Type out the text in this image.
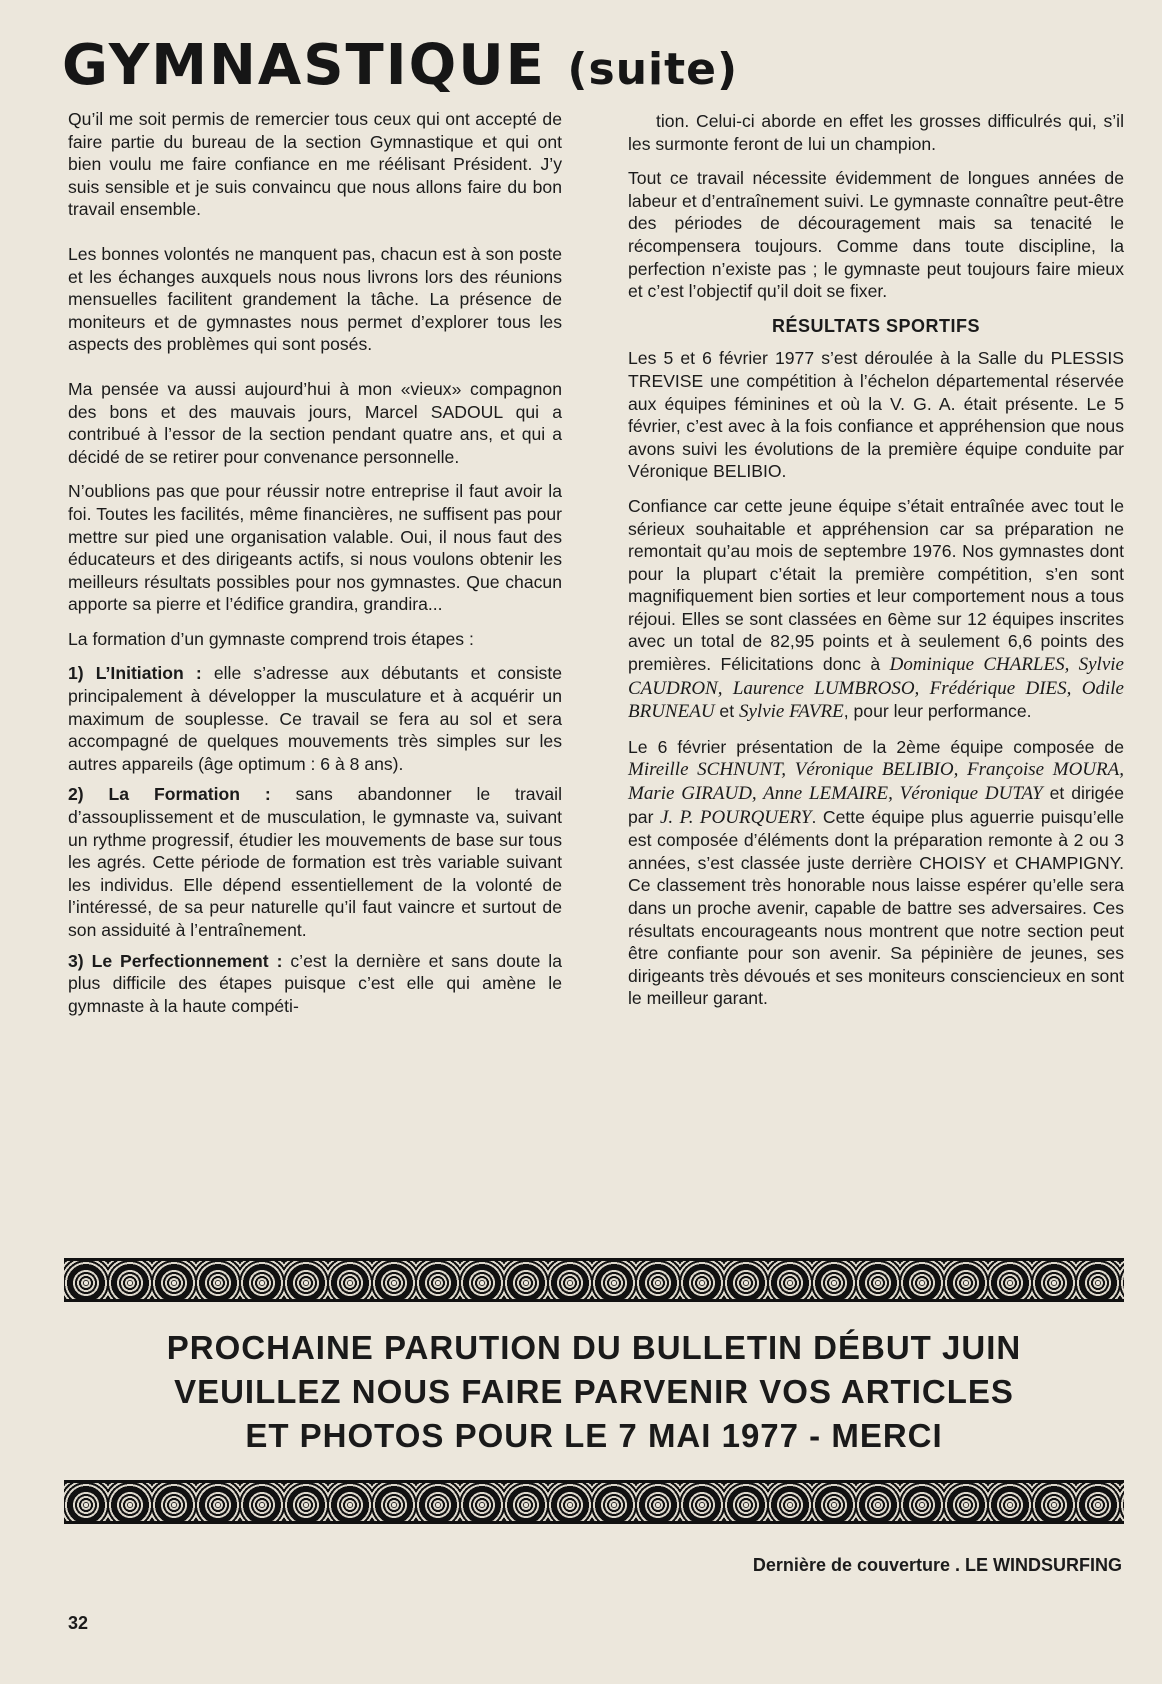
GYMNASTIQUE (suite)

Qu’il me soit permis de remercier tous ceux qui ont accepté de faire partie du bureau de la section Gymnastique et qui ont bien voulu me faire confiance en me réélisant Président. J’y suis sensible et je suis convaincu que nous allons faire du bon travail ensemble.

Les bonnes volontés ne manquent pas, chacun est à son poste et les échanges auxquels nous nous livrons lors des réunions mensuelles facilitent grandement la tâche. La présence de moniteurs et de gymnastes nous permet d’explorer tous les aspects des problèmes qui sont posés.

Ma pensée va aussi aujourd’hui à mon «vieux» compagnon des bons et des mauvais jours, Marcel SADOUL qui a contribué à l’essor de la section pendant quatre ans, et qui a décidé de se retirer pour convenance personnelle.

N’oublions pas que pour réussir notre entreprise il faut avoir la foi. Toutes les facilités, même financières, ne suffisent pas pour mettre sur pied une organisation valable. Oui, il nous faut des éducateurs et des dirigeants actifs, si nous voulons obtenir les meilleurs résultats possibles pour nos gymnastes. Que chacun apporte sa pierre et l’édifice grandira, grandira...

La formation d’un gymnaste comprend trois étapes :

1) L’Initiation : elle s’adresse aux débutants et consiste principalement à développer la musculature et à acquérir un maximum de souplesse. Ce travail se fera au sol et sera accompagné de quelques mouvements très simples sur les autres appareils (âge optimum : 6 à 8 ans).

2) La Formation : sans abandonner le travail d’assouplissement et de musculation, le gymnaste va, suivant un rythme progressif, étudier les mouvements de base sur tous les agrés. Cette période de formation est très variable suivant les individus. Elle dépend essentiellement de la volonté de l’intéressé, de sa peur naturelle qu’il faut vaincre et surtout de son assiduité à l’entraînement.

3) Le Perfectionnement : c’est la dernière et sans doute la plus difficile des étapes puisque c’est elle qui amène le gymnaste à la haute compéti-

tion. Celui-ci aborde en effet les grosses difficulrés qui, s’il les surmonte feront de lui un champion.

Tout ce travail nécessite évidemment de longues années de labeur et d’entraînement suivi. Le gymnaste connaître peut-être des périodes de découragement mais sa tenacité le récompensera toujours. Comme dans toute discipline, la perfection n’existe pas ; le gymnaste peut toujours faire mieux et c’est l’objectif qu’il doit se fixer.

RÉSULTATS SPORTIFS

Les 5 et 6 février 1977 s’est déroulée à la Salle du PLESSIS TREVISE une compétition à l’échelon départemental réservée aux équipes féminines et où la V. G. A. était présente. Le 5 février, c’est avec à la fois confiance et appréhension que nous avons suivi les évolutions de la première équipe conduite par Véronique BELIBIO.

Confiance car cette jeune équipe s’était entraînée avec tout le sérieux souhaitable et appréhension car sa préparation ne remontait qu’au mois de septembre 1976. Nos gymnastes dont pour la plupart c’était la première compétition, s’en sont magnifiquement bien sorties et leur comportement nous a tous réjoui. Elles se sont classées en 6ème sur 12 équipes inscrites avec un total de 82,95 points et à seulement 6,6 points des premières. Félicitations donc à Dominique CHARLES, Sylvie CAUDRON, Laurence LUMBROSO, Frédérique DIES, Odile BRUNEAU et Sylvie FAVRE, pour leur performance.

Le 6 février présentation de la 2ème équipe composée de Mireille SCHNUNT, Véronique BELIBIO, Françoise MOURA, Marie GIRAUD, Anne LEMAIRE, Véronique DUTAY et dirigée par J. P. POURQUERY. Cette équipe plus aguerrie puisqu’elle est composée d’éléments dont la préparation remonte à 2 ou 3 années, s’est classée juste derrière CHOISY et CHAMPIGNY. Ce classement très honorable nous laisse espérer qu’elle sera dans un proche avenir, capable de battre ses adversaires. Ces résultats encourageants nous montrent que notre section peut être confiante pour son avenir. Sa pépinière de jeunes, ses dirigeants très dévoués et ses moniteurs consciencieux en sont le meilleur garant.

PROCHAINE PARUTION DU BULLETIN DÉBUT JUIN
VEUILLEZ NOUS FAIRE PARVENIR VOS ARTICLES
ET PHOTOS POUR LE 7 MAI 1977 - MERCI
Dernière de couverture . LE WINDSURFING
32
